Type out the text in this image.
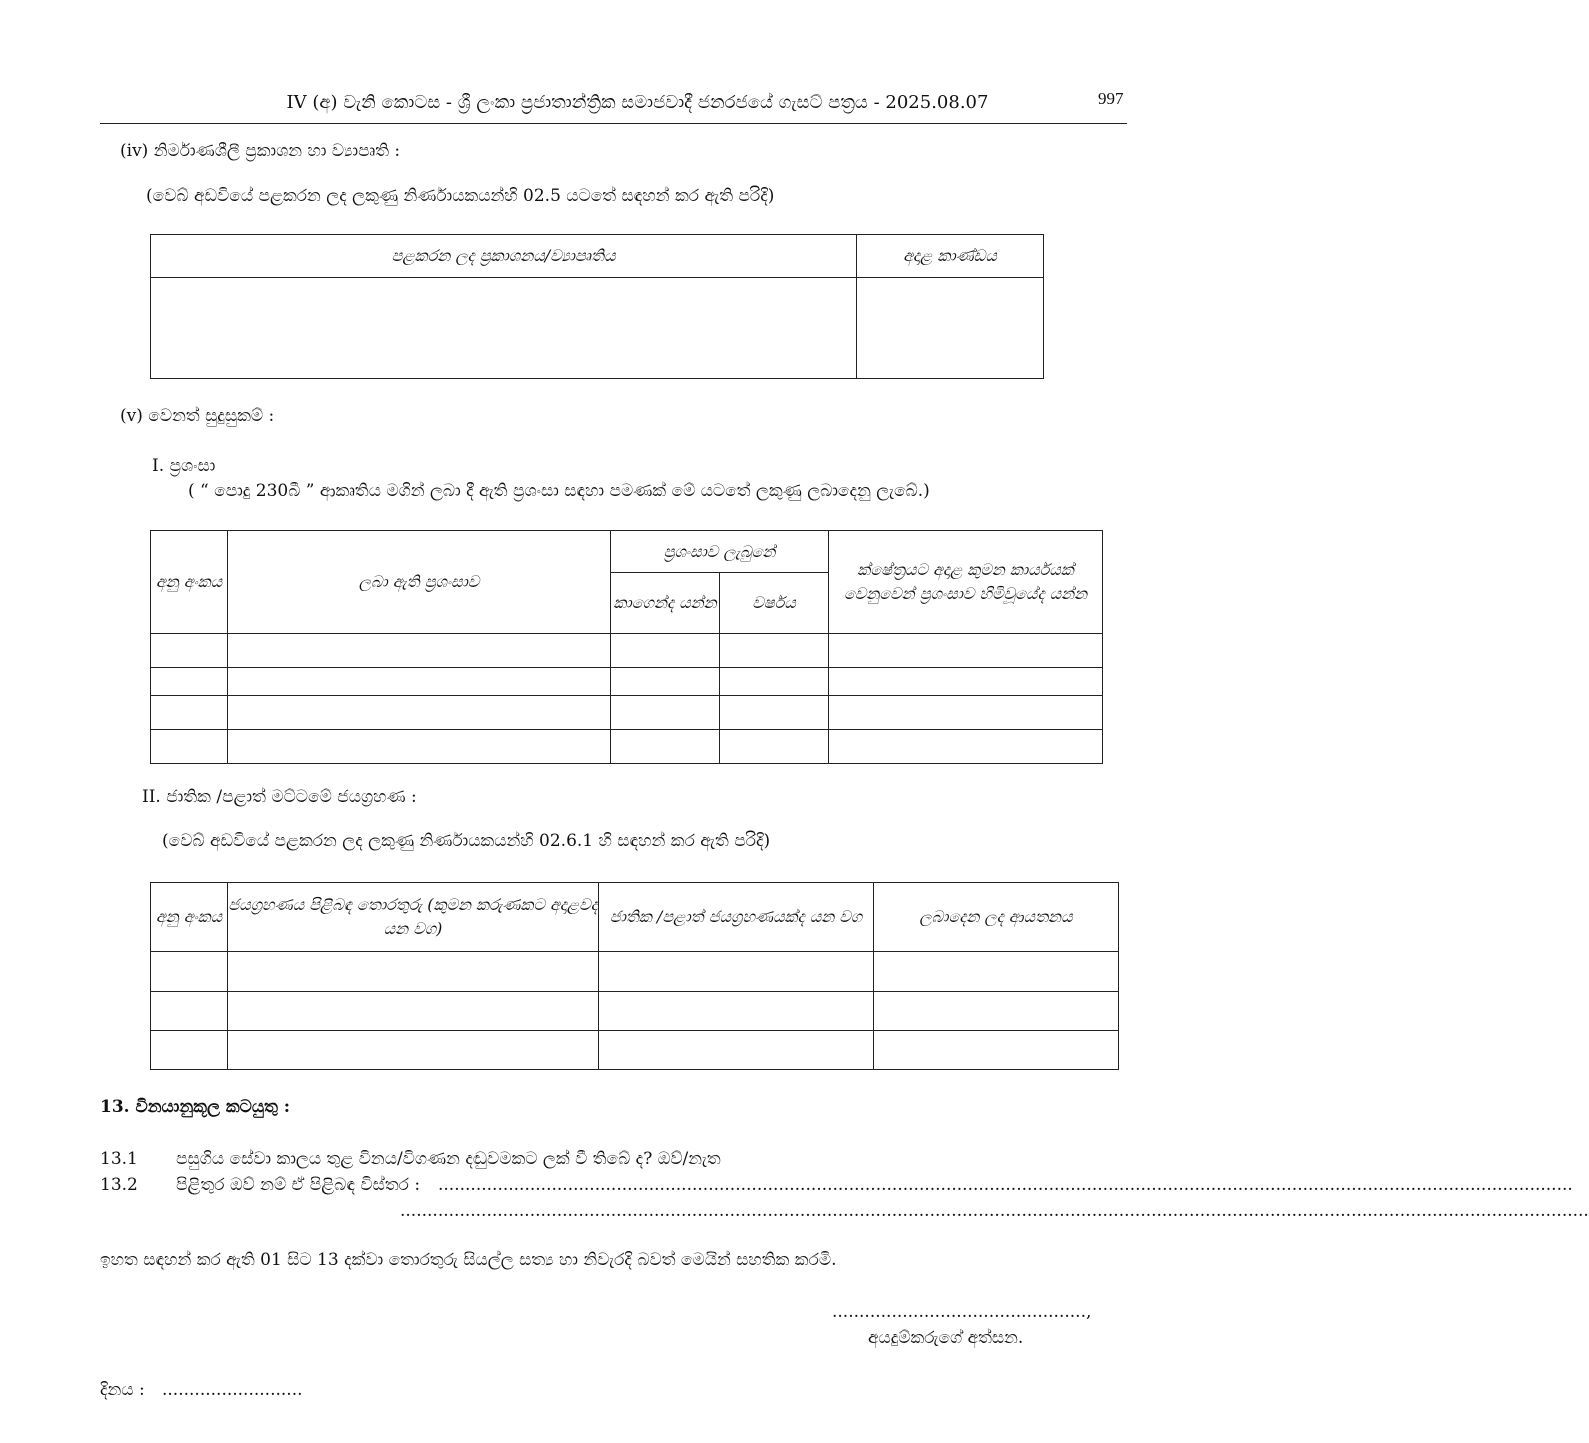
IV (අ) වැනි කොටස - ශ්‍රී ලංකා ප්‍රජාතාන්ත්‍රික සමාජවාදී ජනරජයේ ගැසට් පත්‍රය - 2025.08.07	997
(iv) නිර්මාණශීලී ප්‍රකාශන හා ව්‍යාපෘති :
(වෙබ් අඩවියේ පළකරන ලද ලකුණු නිර්ණායකයන්හි 02.5 යටතේ සඳහන් කර ඇති පරිදි)
පළකරන ලද ප්‍රකාශනය/ව්‍යාපෘතිය	අදාළ කාණ්ඩය

(v) වෙනත් සුදුසුකම් :
I. ප්‍රශංසා
( “ පොදු 230බී ” ආකෘතිය මගින් ලබා දී ඇති ප්‍රශංසා සඳහා පමණක් මේ යටතේ ලකුණු ලබාදෙනු ලැබේ.)
අනු අංකය	ලබා ඇති ප්‍රශංසාව	ප්‍රශංසාව ලැබුනේ		ක්ෂේත්‍රයට අදාළ කුමන කාර්යයක් වෙනුවෙන් ප්‍රශංසාව හිමිවූයේද යන්න
		කාගෙන්ද යන්න	වර්ෂය	

II. ජාතික /පළාත් මට්ටමේ ජයග්‍රහණ :
(වෙබ් අඩවියේ පළකරන ලද ලකුණු නිර්ණායකයන්හි 02.6.1 හි සඳහන් කර ඇති පරිදි)
අනු අංකය	ජයග්‍රහණය පිළිබඳ තොරතුරු (කුමන කරුණකට අදාළවද යන වග)	ජාතික /පළාත් ජයග්‍රහණයක්ද යන වග	ලබාදෙන ලද ආයතනය

13. විනයානුකූල කටයුතු :
13.1 පසුගිය සේවා කාලය තුළ විනය/විගණන දඬුවමකට ලක් වී තිබේ ද? ඔව්/නැත
13.2 පිළිතුර ඔව් නම් ඒ පිළිබඳ විස්තර : ..................................................................................................................................................................................................................
............................................................................................................................................................................................................................
ඉහත සඳහන් කර ඇති 01 සිට 13 දක්වා තොරතුරු සියල්ල සත්‍ය හා නිවැරදි බවත් මෙයින් සහතික කරමි.
...............................................,
අයදුම්කරුගේ අත්සන.
දිනය : ..........................
